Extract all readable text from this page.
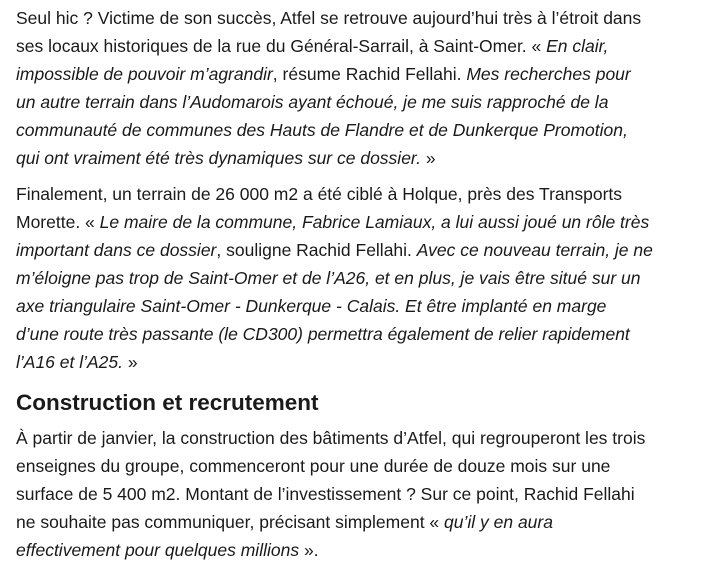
Seul hic ? Victime de son succès, Atfel se retrouve aujourd’hui très à l’étroit dans
ses locaux historiques de la rue du Général-Sarrail, à Saint-Omer. « En clair,
impossible de pouvoir m’agrandir, résume Rachid Fellahi. Mes recherches pour
un autre terrain dans l’Audomarois ayant échoué, je me suis rapproché de la
communauté de communes des Hauts de Flandre et de Dunkerque Promotion,
qui ont vraiment été très dynamiques sur ce dossier. »

Finalement, un terrain de 26 000 m2 a été ciblé à Holque, près des Transports
Morette. « Le maire de la commune, Fabrice Lamiaux, a lui aussi joué un rôle très
important dans ce dossier, souligne Rachid Fellahi. Avec ce nouveau terrain, je ne
m’éloigne pas trop de Saint-Omer et de l’A26, et en plus, je vais être situé sur un
axe triangulaire Saint-Omer - Dunkerque - Calais. Et être implanté en marge
d’une route très passante (le CD300) permettra également de relier rapidement
l’A16 et l’A25. »

Construction et recrutement

À partir de janvier, la construction des bâtiments d’Atfel, qui regrouperont les trois
enseignes du groupe, commenceront pour une durée de douze mois sur une
surface de 5 400 m2. Montant de l’investissement ? Sur ce point, Rachid Fellahi
ne souhaite pas communiquer, précisant simplement « qu’il y en aura
effectivement pour quelques millions ».
